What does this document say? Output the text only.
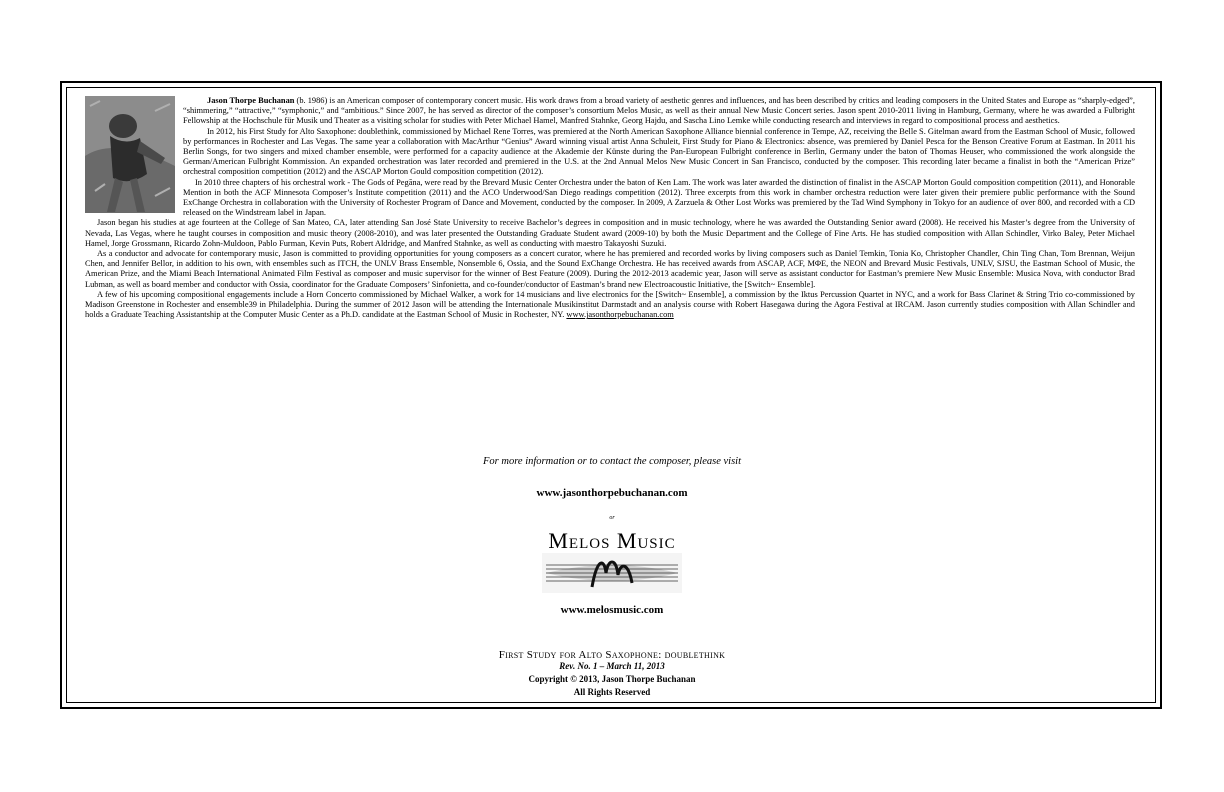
Jason Thorpe Buchanan (b. 1986) is an American composer of contemporary concert music. His work draws from a broad variety of aesthetic genres and influences, and has been described by critics and leading composers in the United States and Europe as “sharply-edged”, “shimmering,” “attractive,” “symphonic,” and “ambitious.” Since 2007, he has served as director of the composer’s consortium Melos Music, as well as their annual New Music Concert series. Jason spent 2010-2011 living in Hamburg, Germany, where he was awarded a Fulbright Fellowship at the Hochschule für Musik und Theater as a visiting scholar for studies with Peter Michael Hamel, Manfred Stahnke, Georg Hajdu, and Sascha Lino Lemke while conducting research and interviews in regard to compositional process and aesthetics.

In 2012, his First Study for Alto Saxophone: doublethink, commissioned by Michael Rene Torres, was premiered at the North American Saxophone Alliance biennial conference in Tempe, AZ, receiving the Belle S. Gitelman award from the Eastman School of Music, followed by performances in Rochester and Las Vegas. The same year a collaboration with MacArthur “Genius” Award winning visual artist Anna Schuleit, First Study for Piano & Electronics: absence, was premiered by Daniel Pesca for the Benson Creative Forum at Eastman. In 2011 his Berlin Songs, for two singers and mixed chamber ensemble, were performed for a capacity audience at the Akademie der Künste during the Pan-European Fulbright conference in Berlin, Germany under the baton of Thomas Heuser, who commissioned the work alongside the German/American Fulbright Kommission. An expanded orchestration was later recorded and premiered in the U.S. at the 2nd Annual Melos New Music Concert in San Francisco, conducted by the composer. This recording later became a finalist in both the “American Prize” orchestral composition competition (2012) and the ASCAP Morton Gould composition competition (2012).

In 2010 three chapters of his orchestral work - The Gods of Pegāna, were read by the Brevard Music Center Orchestra under the baton of Ken Lam. The work was later awarded the distinction of finalist in the ASCAP Morton Gould composition competition (2011), and Honorable Mention in both the ACF Minnesota Composer’s Institute competition (2011) and the ACO Underwood/San Diego readings competition (2012). Three excerpts from this work in chamber orchestra reduction were later given their premiere public performance with the Sound ExChange Orchestra in collaboration with the University of Rochester Program of Dance and Movement, conducted by the composer. In 2009, A Zarzuela & Other Lost Works was premiered by the Tad Wind Symphony in Tokyo for an audience of over 800, and recorded with a CD released on the Windstream label in Japan.

Jason began his studies at age fourteen at the College of San Mateo, CA, later attending San José State University to receive Bachelor’s degrees in composition and in music technology, where he was awarded the Outstanding Senior award (2008). He received his Master’s degree from the University of Nevada, Las Vegas, where he taught courses in composition and music theory (2008-2010), and was later presented the Outstanding Graduate Student award (2009-10) by both the Music Department and the College of Fine Arts. He has studied composition with Allan Schindler, Virko Baley, Peter Michael Hamel, Jorge Grossmann, Ricardo Zohn-Muldoon, Pablo Furman, Kevin Puts, Robert Aldridge, and Manfred Stahnke, as well as conducting with maestro Takayoshi Suzuki.

As a conductor and advocate for contemporary music, Jason is committed to providing opportunities for young composers as a concert curator, where he has premiered and recorded works by living composers such as Daniel Temkin, Tonia Ko, Christopher Chandler, Chin Ting Chan, Tom Brennan, Weijun Chen, and Jennifer Bellor, in addition to his own, with ensembles such as ITCH, the UNLV Brass Ensemble, Nonsemble 6, Ossia, and the Sound ExChange Orchestra. He has received awards from ASCAP, ACF, ΜΦΕ, the NEON and Brevard Music Festivals, UNLV, SJSU, the Eastman School of Music, the American Prize, and the Miami Beach International Animated Film Festival as composer and music supervisor for the winner of Best Feature (2009). During the 2012-2013 academic year, Jason will serve as assistant conductor for Eastman’s premiere New Music Ensemble: Musica Nova, with conductor Brad Lubman, as well as board member and conductor with Ossia, coordinator for the Graduate Composers’ Sinfonietta, and co-founder/conductor of Eastman’s brand new Electroacoustic Initiative, the [Switch~ Ensemble].

A few of his upcoming compositional engagements include a Horn Concerto commissioned by Michael Walker, a work for 14 musicians and live electronics for the [Switch~ Ensemble], a commission by the Iktus Percussion Quartet in NYC, and a work for Bass Clarinet & String Trio co-commissioned by Madison Greenstone in Rochester and ensemble39 in Philadelphia. During the summer of 2012 Jason will be attending the Internationale Musikinstitut Darmstadt and an analysis course with Robert Hasegawa during the Agora Festival at IRCAM. Jason currently studies composition with Allan Schindler and holds a Graduate Teaching Assistantship at the Computer Music Center as a Ph.D. candidate at the Eastman School of Music in Rochester, NY. www.jasonthorpebuchanan.com

For more information or to contact the composer, please visit
www.jasonthorpebuchanan.com
or
Melos Music
www.melosmusic.com
First Study for Alto Saxophone: doublethink
Rev. No. 1 – March 11, 2013
Copyright © 2013, Jason Thorpe Buchanan
All Rights Reserved
